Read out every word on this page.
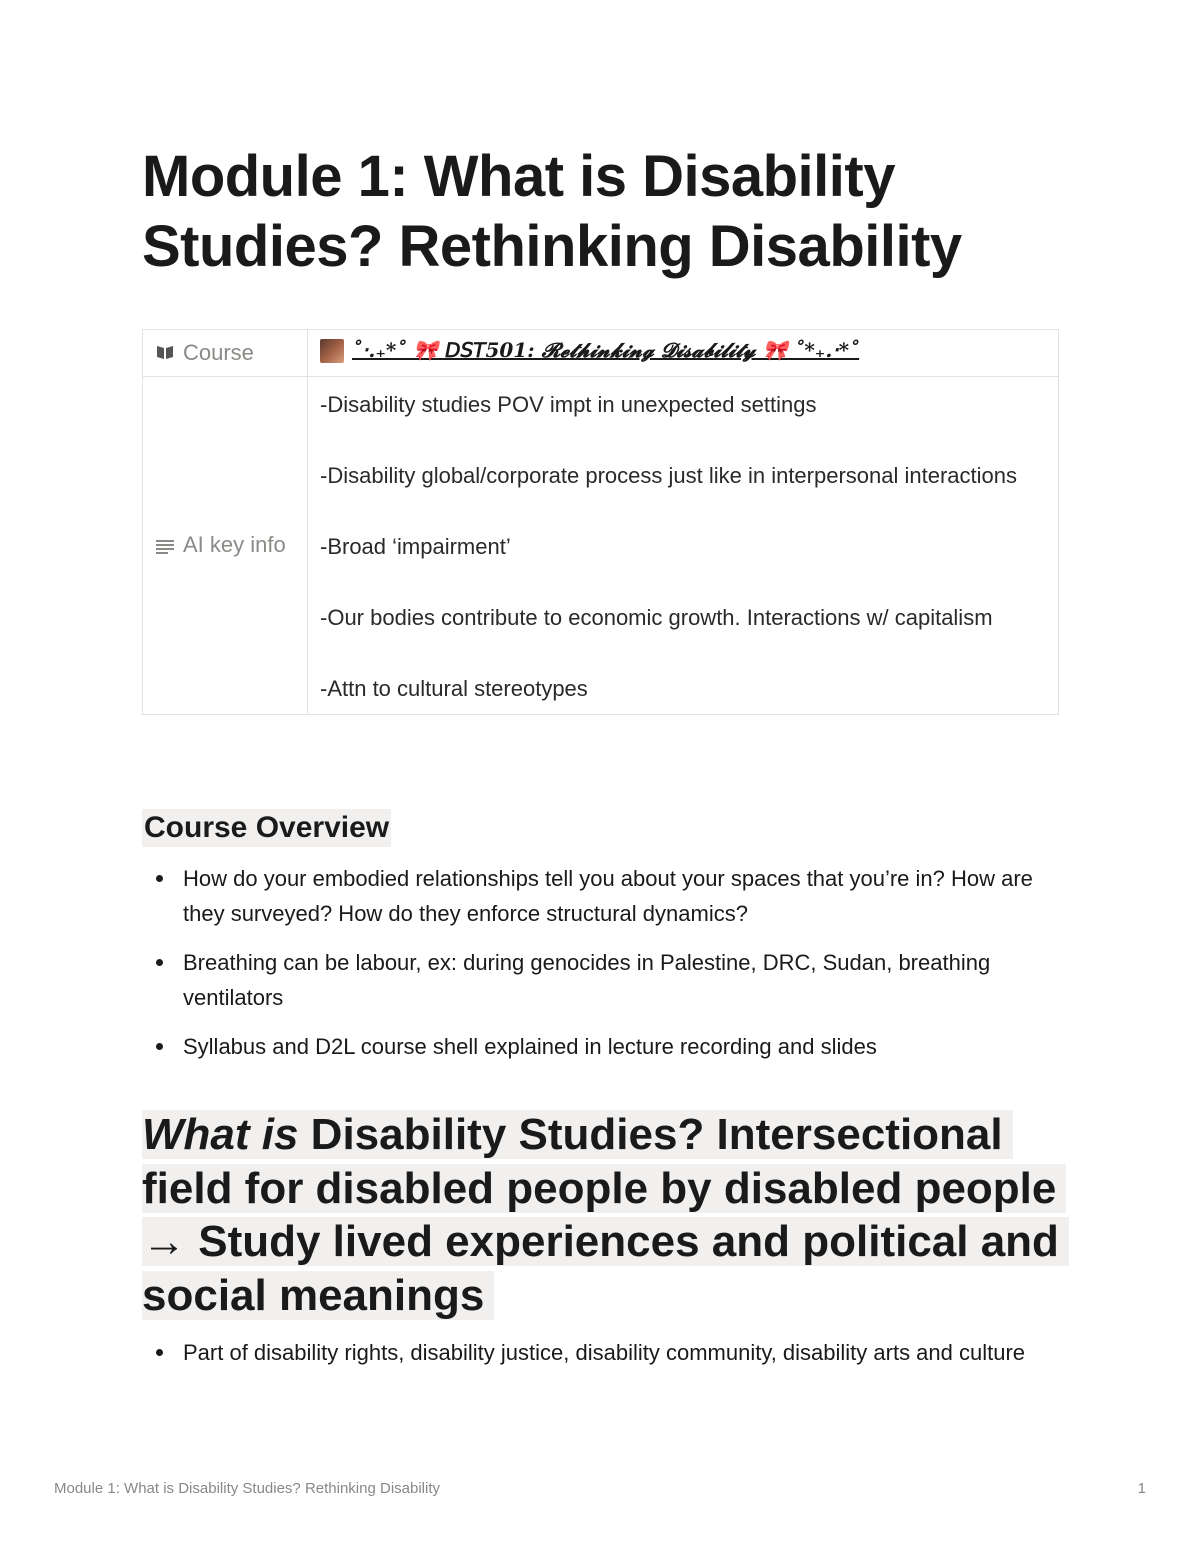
Module 1: What is Disability Studies? Rethinking Disability
Course	˚‧.₊*˚ 🎀 𝘋𝘚𝘛501: 𝓡𝓮𝓽𝓱𝓲𝓷𝓴𝓲𝓷𝓰 𝓓𝓲𝓼𝓪𝓫𝓲𝓵𝓲𝓽𝔂 🎀 ˚*₊.‧*˚

AI key info	-Disability studies POV impt in unexpected settings

-Disability global/corporate process just like in interpersonal interactions

-Broad ‘impairment’

-Our bodies contribute to economic growth. Interactions w/ capitalism

-Attn to cultural stereotypes

Course Overview
How do your embodied relationships tell you about your spaces that you’re in? How are they surveyed? How do they enforce structural dynamics?
Breathing can be labour, ex: during genocides in Palestine, DRC, Sudan, breathing ventilators
Syllabus and D2L course shell explained in lecture recording and slides
What is Disability Studies? Intersectional field for disabled people by disabled people → Study lived experiences and political and social meanings
Part of disability rights, disability justice, disability community, disability arts and culture
Module 1: What is Disability Studies? Rethinking Disability	1
